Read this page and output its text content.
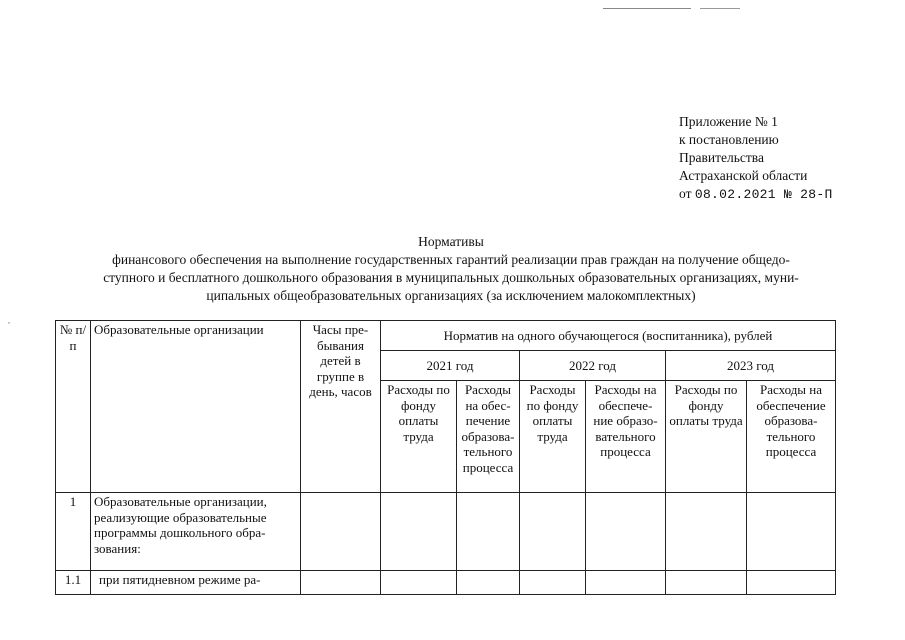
,
Приложение № 1
к постановлению
Правительства
Астраханской области
от 08.02.2021 № 28-П
Нормативы
финансового обеспечения на выполнение государственных гарантий реализации прав граждан на получение общедо-
ступного и бесплатного дошкольного образования в муниципальных дошкольных образовательных организациях, муни-
ципальных общеобразовательных организациях (за исключением малокомплектных)
№ п/п	Образовательные организации	Часы пре-бывания детей в группе в день, часов	Норматив на одного обучающегося (воспитанника), рублей					
			2021 год		2022 год		2023 год	
			Расходы по фонду оплаты труда	Расходы на обес-печение образова-тельного процесса	Расходы по фонду оплаты труда	Расходы на обеспече-ние образо-вательного процесса	Расходы по фонду оплаты труда	Расходы на обеспечение образова-тельного процесса
1	Образовательные организации, реализующие образовательные программы дошкольного обра-зования:							
1.1	при пятидневном режиме ра-							
